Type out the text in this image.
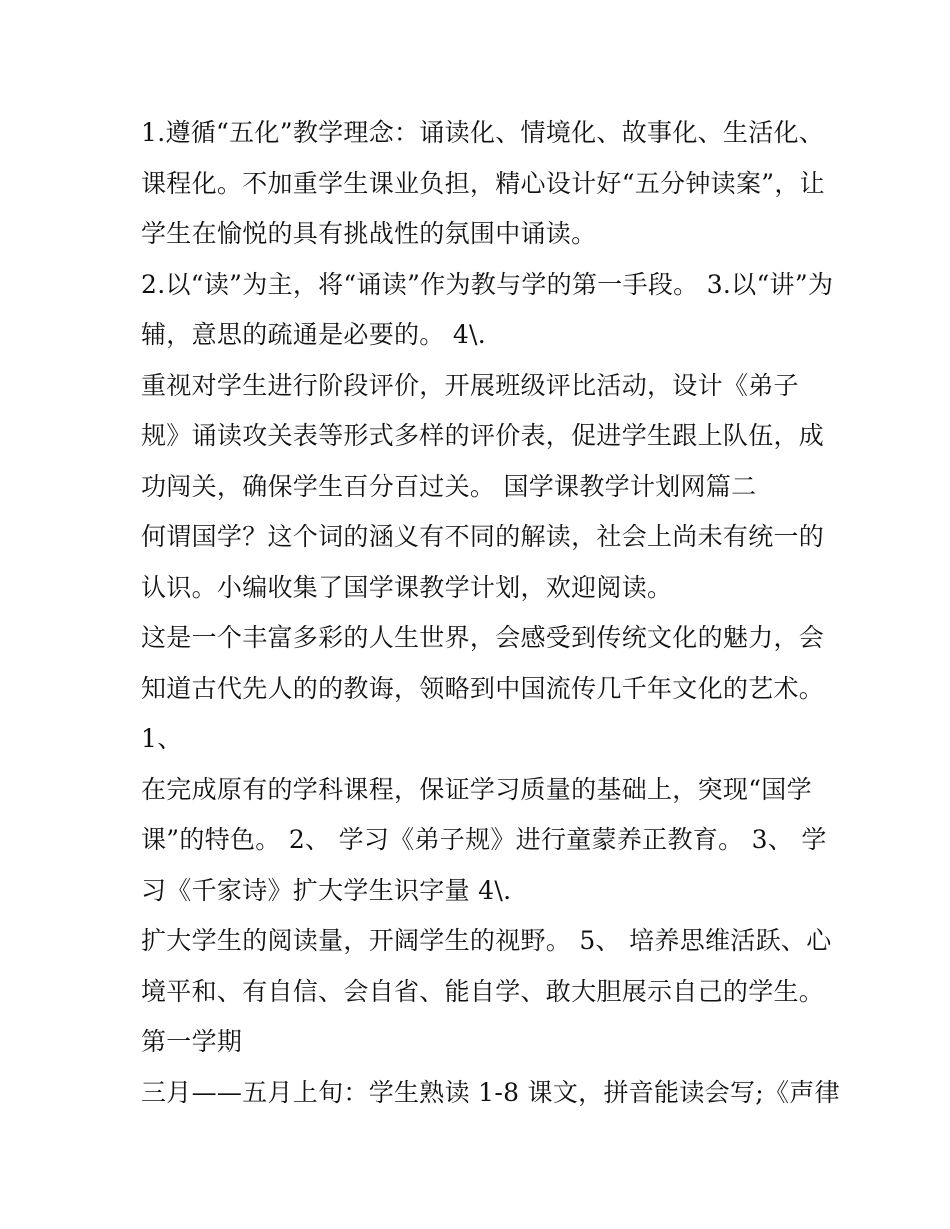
1.遵循“五化”教学理念：诵读化、情境化、故事化、生活化、
课程化。不加重学生课业负担，精心设计好“五分钟读案”，让
学生在愉悦的具有挑战性的氛围中诵读。
2.以“读”为主，将“诵读”作为教与学的第一手段。 3.以“讲”为
辅，意思的疏通是必要的。 4\.
重视对学生进行阶段评价，开展班级评比活动，设计《弟子
规》诵读攻关表等形式多样的评价表，促进学生跟上队伍，成
功闯关，确保学生百分百过关。 国学课教学计划网篇二
何谓国学？这个词的涵义有不同的解读，社会上尚未有统一的
认识。小编收集了国学课教学计划，欢迎阅读。
这是一个丰富多彩的人生世界，会感受到传统文化的魅力，会
知道古代先人的的教诲，领略到中国流传几千年文化的艺术。
1、
在完成原有的学科课程，保证学习质量的基础上，突现“国学
课”的特色。 2、 学习《弟子规》进行童蒙养正教育。 3、 学
习《千家诗》扩大学生识字量 4\.
扩大学生的阅读量，开阔学生的视野。 5、 培养思维活跃、心
境平和、有自信、会自省、能自学、敢大胆展示自己的学生。
第一学期
三月——五月上旬：学生熟读 1-8 课文，拼音能读会写;《声律
